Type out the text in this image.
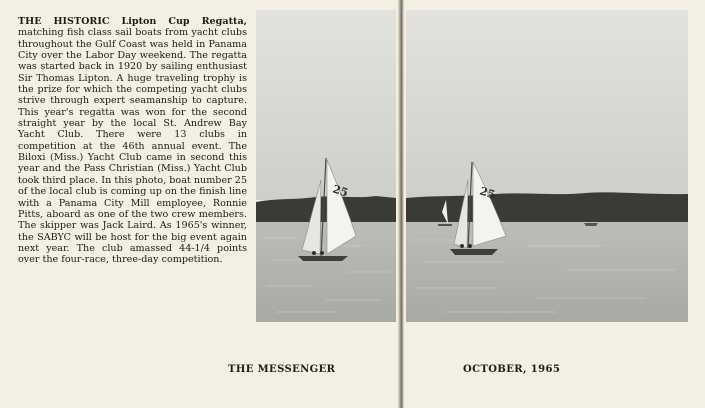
THE HISTORIC Lipton Cup Regatta, matching fish class sail boats from yacht clubs throughout the Gulf Coast was held in Panama City over the Labor Day weekend. The regatta was started back in 1920 by sailing enthusiast Sir Thomas Lipton. A huge traveling trophy is the prize for which the competing yacht clubs strive through expert seamanship to capture. This year's regatta was won for the second straight year by the local St. Andrew Bay Yacht Club. There were 13 clubs in competition at the 46th annual event. The Biloxi (Miss.) Yacht Club came in second this year and the Pass Christian (Miss.) Yacht Club took third place. In this photo, boat number 25 of the local club is coming up on the finish line with a Panama City Mill employee, Ronnie Pitts, aboard as one of the two crew members. The skipper was Jack Laird. As 1965's winner, the SABYC will be host for the big event again next year. The club amassed 44-1/4 points over the four-race, three-day competition.

25	25
THE MESSENGER	OCTOBER, 1965
